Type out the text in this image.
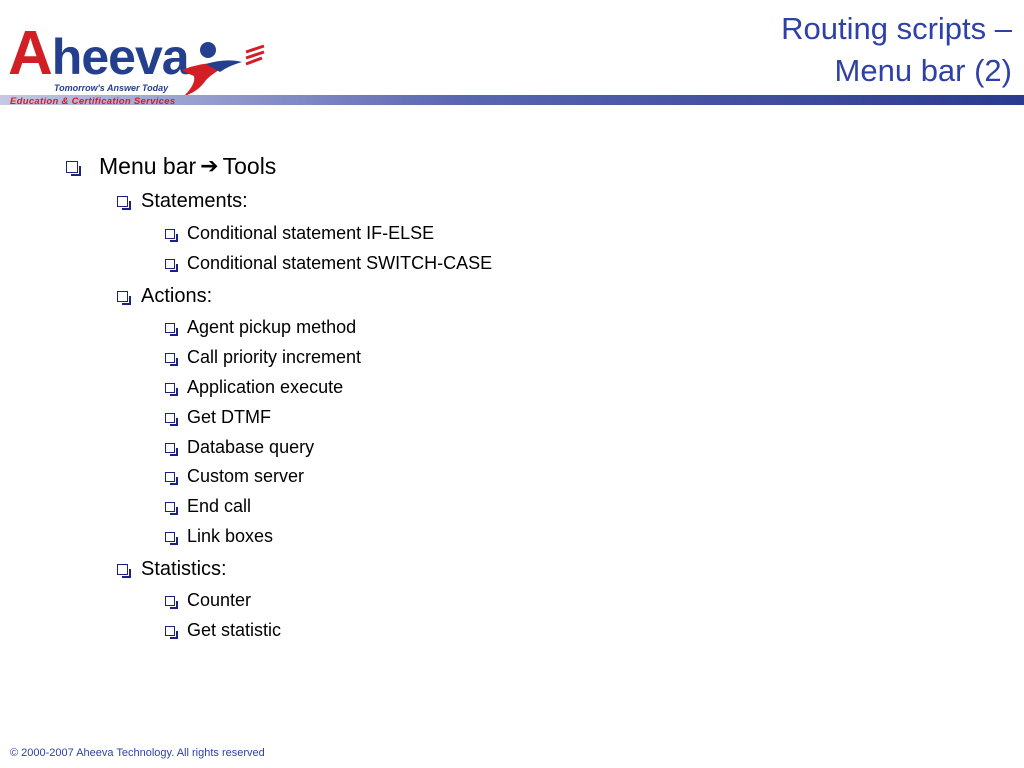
Aheeva
Tomorrow's Answer Today
Education & Certification Services
Routing scripts –
Menu bar (2)
Menu bar ➔ Tools
Statements:
Conditional statement IF-ELSE
Conditional statement SWITCH-CASE
Actions:
Agent pickup method
Call priority increment
Application execute
Get DTMF
Database query
Custom server
End call
Link boxes
Statistics:
Counter
Get statistic
© 2000-2007 Aheeva Technology. All rights reserved
